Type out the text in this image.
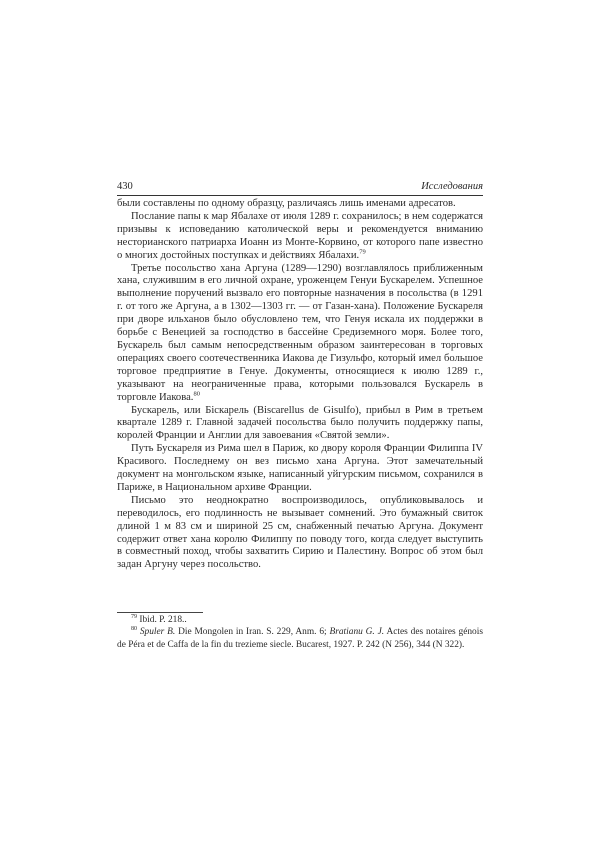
430	Исследования

были составлены по одному образцу, различаясь лишь именами адресатов.

Послание папы к мар Ябалахе от июля 1289 г. сохранилось; в нем содержатся призывы к исповеданию католической веры и рекомендуется вниманию несторианского патриарха Иоанн из Монте-Корвино, от которого папе известно о многих достойных поступках и действиях Ябалахи.$^{79}$

Третье посольство хана Аргуна (1289—1290) возглавлялось приближенным хана, служившим в его личной охране, уроженцем Генуи Бускарелем. Успешное выполнение поручений вызвало его повторные назначения в посольства (в 1291 г. от того же Аргуна, а в 1302—1303 гг. — от Газан-хана). Положение Бускареля при дворе ильханов было обусловлено тем, что Генуя искала их поддержки в борьбе с Венецией за господство в бассейне Средиземного моря. Более того, Бускарель был самым непосредственным образом заинтересован в торговых операциях своего соотечественника Иакова де Гизульфо, который имел большое торговое предприятие в Генуе. Документы, относящиеся к июлю 1289 г., указывают на неограниченные права, которыми пользовался Бускарель в торговле Иакова.$^{80}$

Бускарель, или Біскарель (Biscarellus de Gisulfo), прибыл в Рим в третьем квартале 1289 г. Главной задачей посольства было получить поддержку папы, королей Франции и Англии для завоевания «Святой земли».

Путь Бускареля из Рима шел в Париж, ко двору короля Франции Филиппа IV Красивого. Последнему он вез письмо хана Аргуна. Этот замечательный документ на монгольском языке, написанный уйгурским письмом, сохранился в Париже, в Национальном архиве Франции.

Письмо это неоднократно воспроизводилось, опубликовывалось и переводилось, его подлинность не вызывает сомнений. Это бумажный свиток длиной 1 м 83 см и шириной 25 см, снабженный печатью Аргуна. Документ содержит ответ хана королю Филиппу по поводу того, когда следует выступить в совместный поход, чтобы захватить Сирию и Палестину. Вопрос об этом был задан Аргуну через посольство.

$^{79}$ Ibid. P. 218..

$^{80}$ Spuler B. Die Mongolen in Iran. S. 229, Anm. 6; Bratianu G. J. Actes des notaires génois de Péra et de Caffa de la fin du trezieme siecle. Bucarest, 1927. P. 242 (N 256), 344 (N 322).
